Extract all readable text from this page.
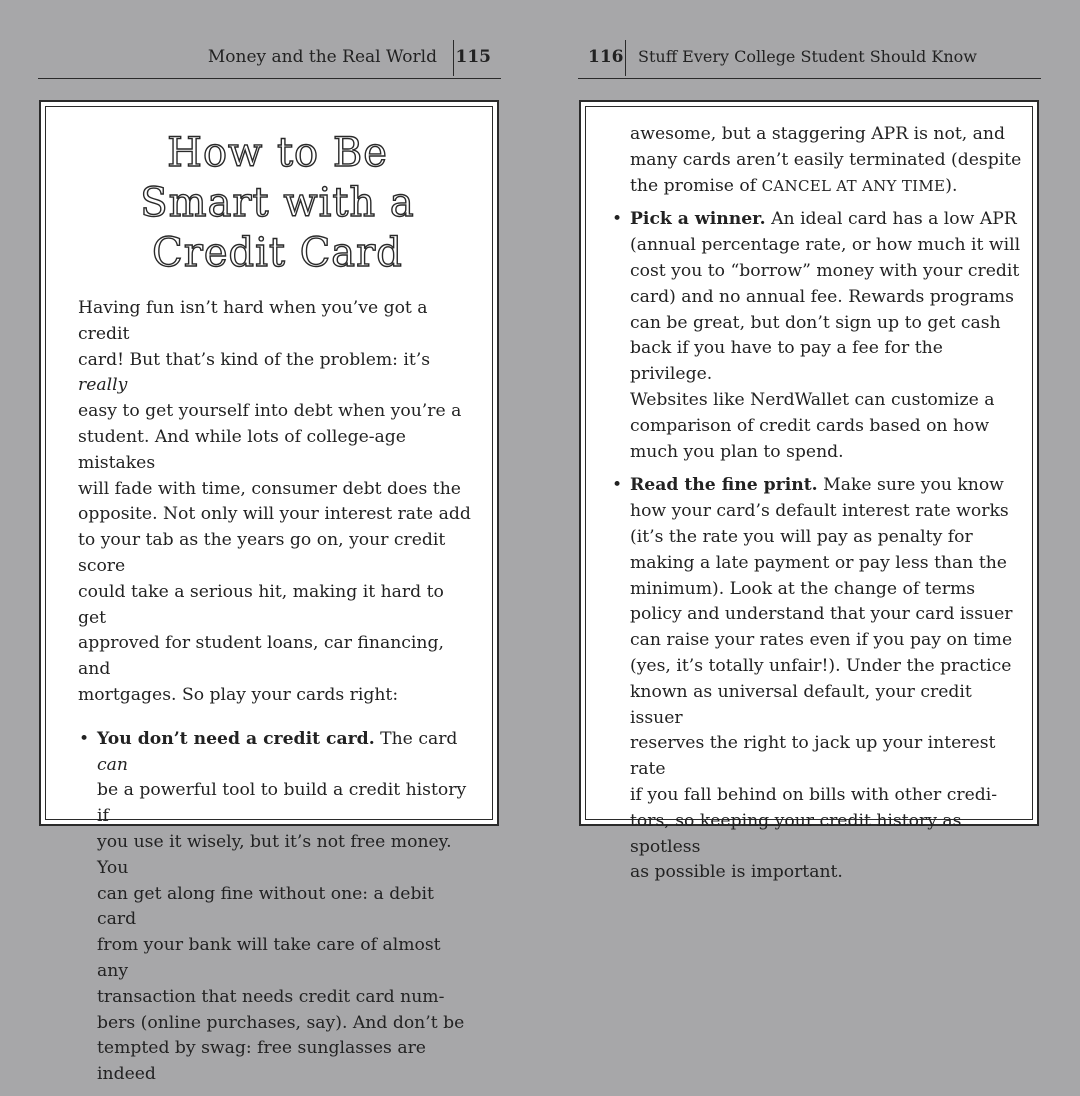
Money and the Real World 115
How to Be
Smart with a
Credit Card

Having fun isn’t hard when you’ve got a credit
card! But that’s kind of the problem: it’s really
easy to get yourself into debt when you’re a
student. And while lots of college-age mistakes
will fade with time, consumer debt does the
opposite. Not only will your interest rate add
to your tab as the years go on, your credit score
could take a serious hit, making it hard to get
approved for student loans, car financing, and
mortgages. So play your cards right:

• You don’t need a credit card. The card can
be a powerful tool to build a credit history if
you use it wisely, but it’s not free money. You
can get along fine without one: a debit card
from your bank will take care of almost any
transaction that needs credit card num-
bers (online purchases, say). And don’t be
tempted by swag: free sunglasses are indeed
116 Stuff Every College Student Should Know

awesome, but a staggering APR is not, and
many cards aren’t easily terminated (despite
the promise of CANCEL AT ANY TIME).

• Pick a winner. An ideal card has a low APR
(annual percentage rate, or how much it will
cost you to “borrow” money with your credit
card) and no annual fee. Rewards programs
can be great, but don’t sign up to get cash
back if you have to pay a fee for the privilege.
Websites like NerdWallet can customize a
comparison of credit cards based on how
much you plan to spend.
• Read the fine print. Make sure you know
how your card’s default interest rate works
(it’s the rate you will pay as penalty for
making a late payment or pay less than the
minimum). Look at the change of terms
policy and understand that your card issuer
can raise your rates even if you pay on time
(yes, it’s totally unfair!). Under the practice
known as universal default, your credit issuer
reserves the right to jack up your interest rate
if you fall behind on bills with other credi-
tors, so keeping your credit history as spotless
as possible is important.
